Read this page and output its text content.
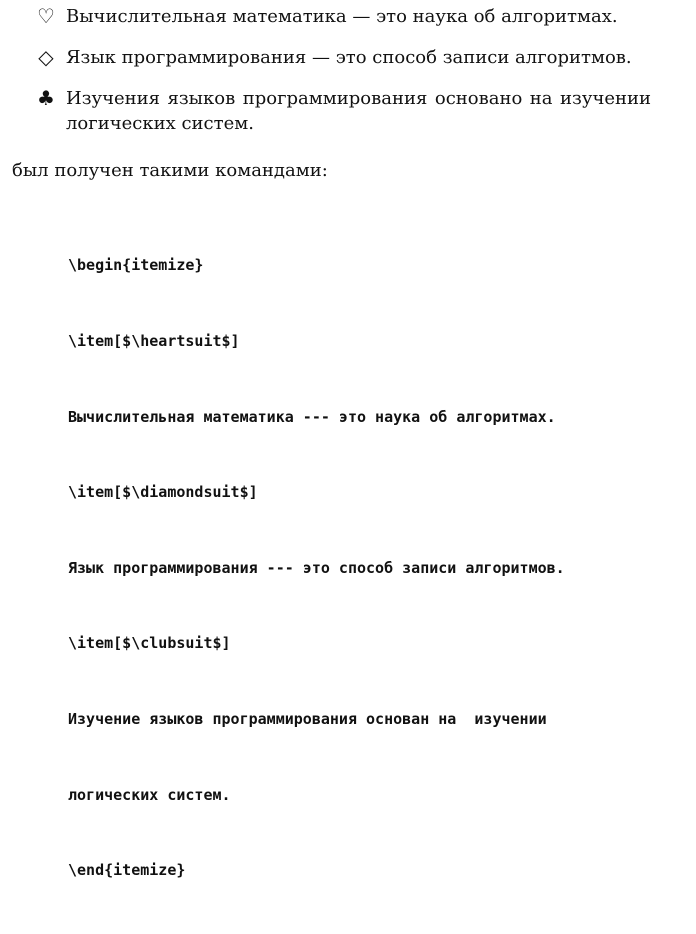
♡ Вычислительная математика — это наука об алгоритмах.
◇ Язык программирования — это способ записи алгоритмов.
♣ Изучения языков программирования основано на изучении логических систем.
был получен такими командами:

\begin{itemize}

\item[$\heartsuit$]

Вычислительная математика --- это наука об алгоритмах.

\item[$\diamondsuit$]

Язык программирования --- это способ записи алгоритмов.

\item[$\clubsuit$]

Изучение языков программирования основан на  изучении

логических систем.

\end{itemize}
